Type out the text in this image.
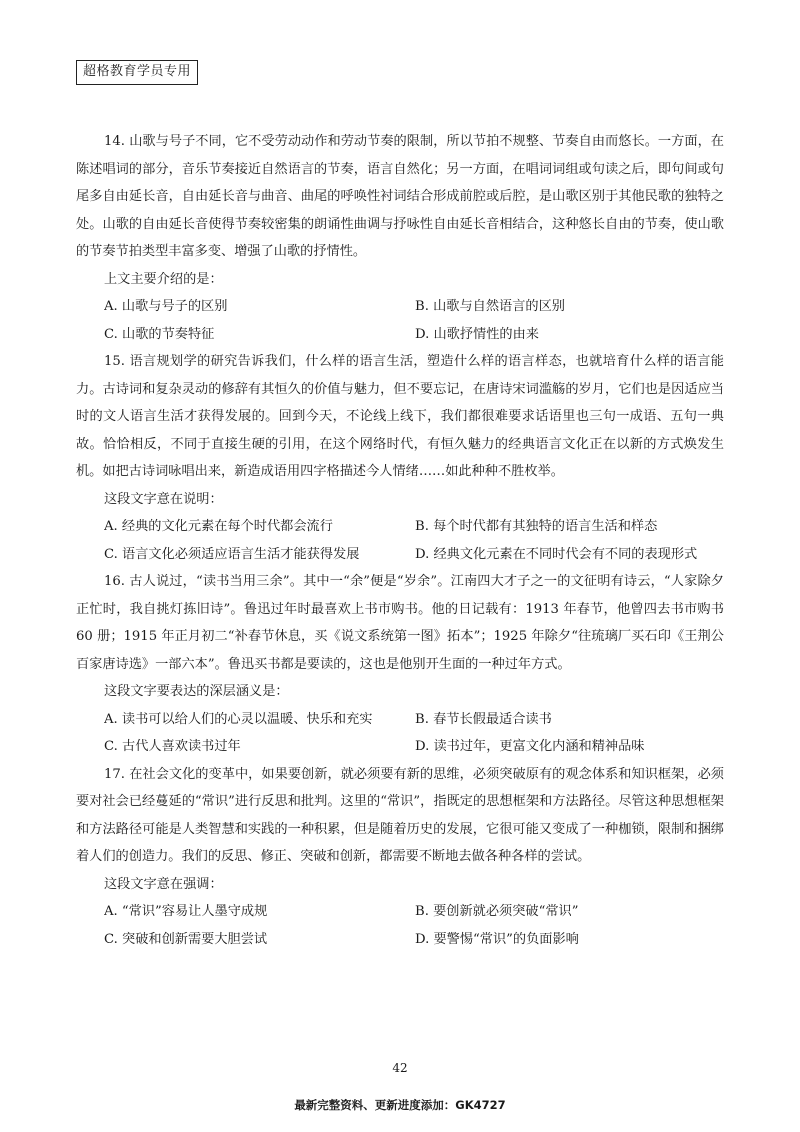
超格教育学员专用

14. 山歌与号子不同，它不受劳动动作和劳动节奏的限制，所以节拍不规整、节奏自由而悠长。一方面，在陈述唱词的部分，音乐节奏接近自然语言的节奏，语言自然化；另一方面，在唱词词组或句读之后，即句间或句尾多自由延长音，自由延长音与曲音、曲尾的呼唤性衬词结合形成前腔或后腔，是山歌区别于其他民歌的独特之处。山歌的自由延长音使得节奏较密集的朗诵性曲调与抒咏性自由延长音相结合，这种悠长自由的节奏，使山歌的节奏节拍类型丰富多变、增强了山歌的抒情性。

上文主要介绍的是：

A. 山歌与号子的区别	B. 山歌与自然语言的区别
C. 山歌的节奏特征	D. 山歌抒情性的由来

15. 语言规划学的研究告诉我们，什么样的语言生活，塑造什么样的语言样态，也就培育什么样的语言能力。古诗词和复杂灵动的修辞有其恒久的价值与魅力，但不要忘记，在唐诗宋词滥觞的岁月，它们也是因适应当时的文人语言生活才获得发展的。回到今天，不论线上线下，我们都很难要求话语里也三句一成语、五句一典故。恰恰相反，不同于直接生硬的引用，在这个网络时代，有恒久魅力的经典语言文化正在以新的方式焕发生机。如把古诗词咏唱出来，新造成语用四字格描述今人情绪……如此种种不胜枚举。

这段文字意在说明：

A. 经典的文化元素在每个时代都会流行	B. 每个时代都有其独特的语言生活和样态
C. 语言文化必须适应语言生活才能获得发展	D. 经典文化元素在不同时代会有不同的表现形式

16. 古人说过，“读书当用三余”。其中一“余”便是“岁余”。江南四大才子之一的文征明有诗云，“人家除夕正忙时，我自挑灯拣旧诗”。鲁迅过年时最喜欢上书市购书。他的日记载有：1913 年春节，他曾四去书市购书 60 册；1915 年正月初二“补春节休息，买《说文系统第一图》拓本”；1925 年除夕“往琉璃厂买石印《王荆公百家唐诗选》一部六本”。鲁迅买书都是要读的，这也是他别开生面的一种过年方式。

这段文字要表达的深层涵义是：

A. 读书可以给人们的心灵以温暖、快乐和充实	B. 春节长假最适合读书
C. 古代人喜欢读书过年	D. 读书过年，更富文化内涵和精神品味

17. 在社会文化的变革中，如果要创新，就必须要有新的思维，必须突破原有的观念体系和知识框架，必须要对社会已经蔓延的“常识”进行反思和批判。这里的“常识”，指既定的思想框架和方法路径。尽管这种思想框架和方法路径可能是人类智慧和实践的一种积累，但是随着历史的发展，它很可能又变成了一种枷锁，限制和捆绑着人们的创造力。我们的反思、修正、突破和创新，都需要不断地去做各种各样的尝试。

这段文字意在强调：

A. “常识”容易让人墨守成规	B. 要创新就必须突破“常识”
C. 突破和创新需要大胆尝试	D. 要警惕“常识”的负面影响
42
最新完整资料、更新进度添加：GK4727
